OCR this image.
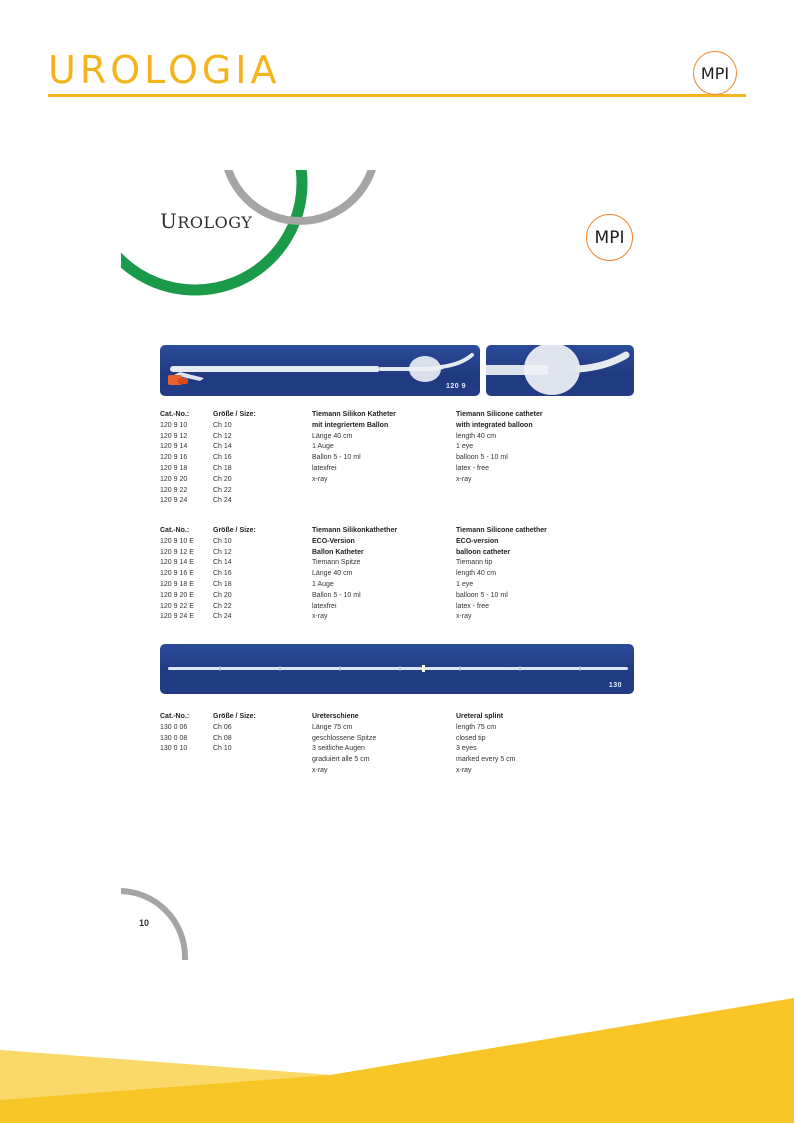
UROLOGIA	MPI
UROLOGY
MPI
120 9
Cat.-No.:
120 9 10
120 9 12
120 9 14
120 9 16
120 9 18
120 9 20
120 9 22
120 9 24
Größe / Size:
Ch 10
Ch 12
Ch 14
Ch 16
Ch 18
Ch 20
Ch 22
Ch 24
Tiemann Silikon Katheter
mit integriertem Ballon
Länge 40 cm
1 Auge
Ballon 5 - 10 ml
latexfrei
x-ray
Tiemann Silicone catheter
with integrated balloon
length 40 cm
1 eye
balloon 5 - 10 ml
latex - free
x-ray
Cat.-No.:
120 9 10 E
120 9 12 E
120 9 14 E
120 9 16 E
120 9 18 E
120 9 20 E
120 9 22 E
120 9 24 E
Größe / Size:
Ch 10
Ch 12
Ch 14
Ch 16
Ch 18
Ch 20
Ch 22
Ch 24
Tiemann Silikonkathether
ECO-Version
Ballon Katheter
Tiemann Spitze
Länge 40 cm
1 Auge
Ballon 5 - 10 ml
latexfrei
x-ray
Tiemann Silicone cathether
ECO-version
balloon catheter
Tiemann tip
length 40 cm
1 eye
balloon 5 - 10 ml
latex - free
x-ray
130
Cat.-No.:
130 0 06
130 0 08
130 0 10
Größe / Size:
Ch 06
Ch 08
Ch 10
Ureterschiene
Länge 75 cm
geschlossene Spitze
3 seitliche Augen
graduiert alle 5 cm
x-ray
Ureteral splint
length 75 cm
closed tip
3 eyes
marked every 5 cm
x-ray
10
